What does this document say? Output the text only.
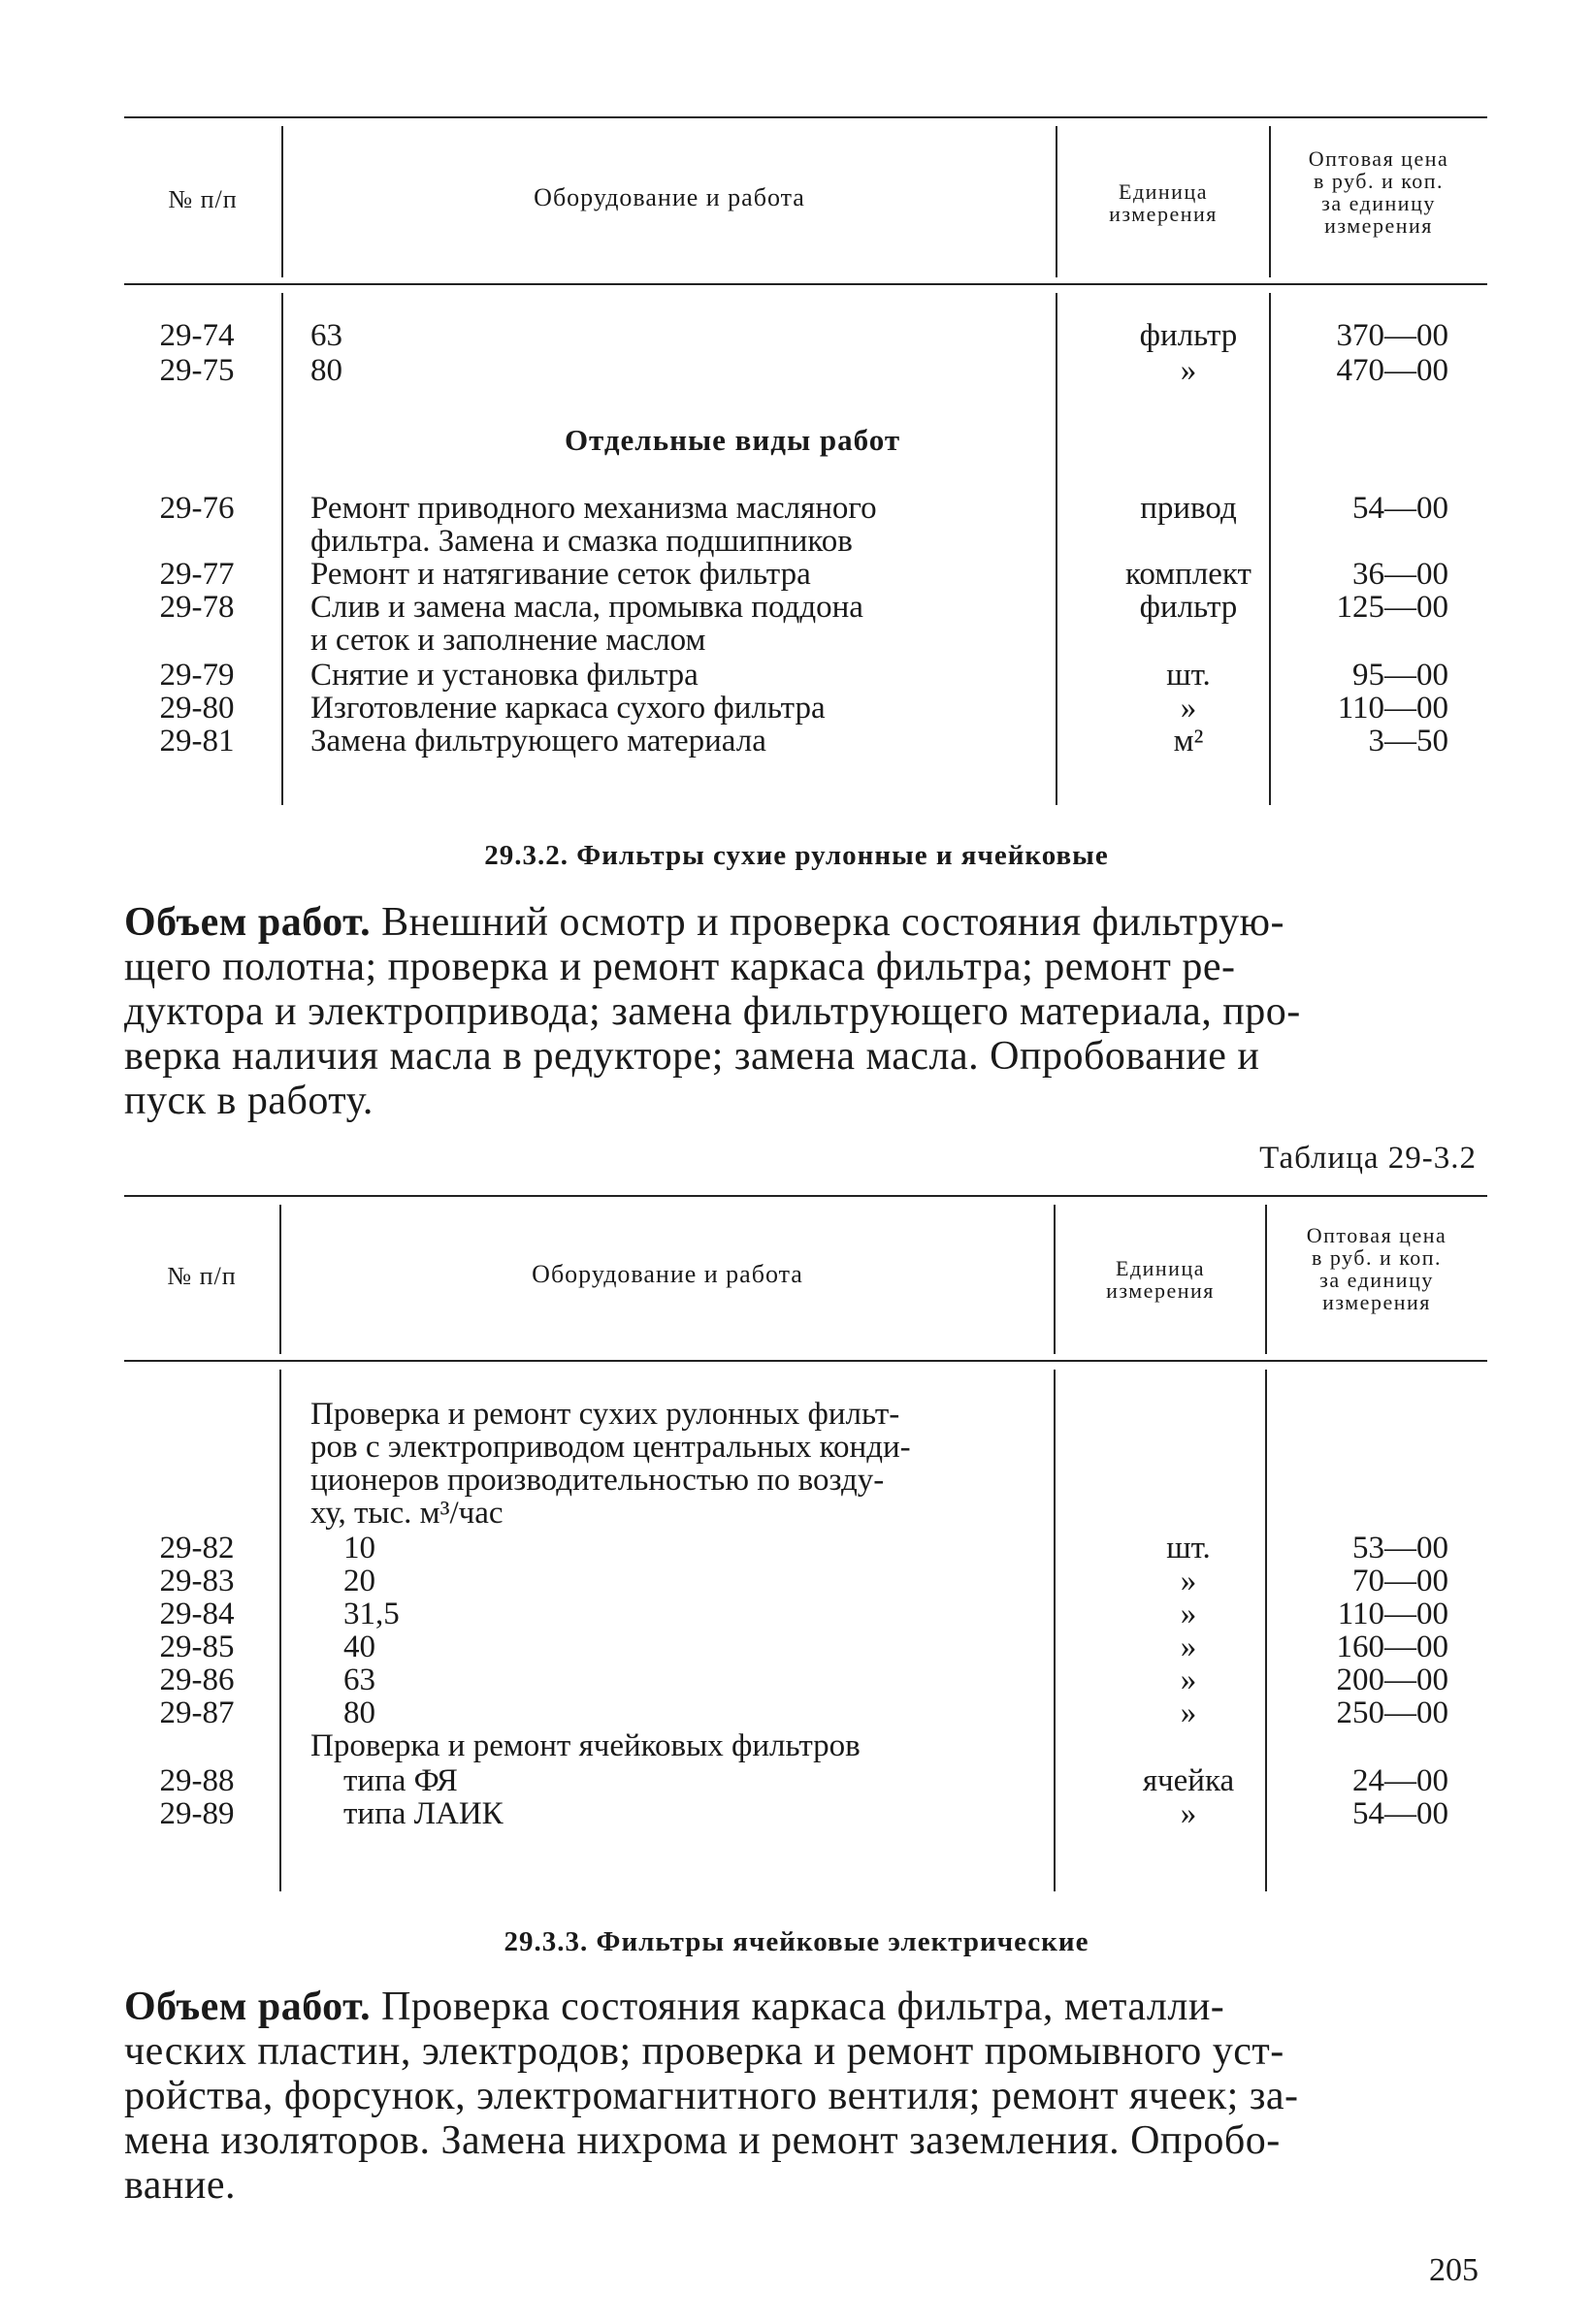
№ п/п	Оборудование и работа	Единица
измерения
Оптовая цена
в руб. и коп.
за единицу
измерения
29-74	63	фильтр	370—00
29-75	80	»	470—00
Отдельные виды работ
29-76	Ремонт приводного механизма масляного	привод	54—00
фильтра. Замена и смазка подшипников
29-77	Ремонт и натягивание сеток фильтра	комплект	36—00
29-78	Слив и замена масла, промывка поддона	фильтр	125—00
и сеток и заполнение маслом
29-79	Снятие и установка фильтра	шт.	95—00
29-80	Изготовление каркаса сухого фильтра	»	110—00
29-81	Замена фильтрующего материала	м²	3—50
29.3.2. Фильтры сухие рулонные и ячейковые
Объем работ. Внешний осмотр и проверка состояния фильтрую-
щего полотна; проверка и ремонт каркаса фильтра; ремонт ре-
дуктора и электропривода; замена фильтрующего материала, про-
верка наличия масла в редукторе; замена масла. Опробование и
пуск в работу.
Таблица 29-3.2
№ п/п	Оборудование и работа	Единица
измерения
Оптовая цена
в руб. и коп.
за единицу
измерения
Проверка и ремонт сухих рулонных фильт-
ров с электроприводом центральных конди-
ционеров производительностью по возду-
ху, тыс. м³/час
29-82	10	шт.	53—00
29-83	20	»	70—00
29-84	31,5	»	110—00
29-85	40	»	160—00
29-86	63	»	200—00
29-87	80	»	250—00
Проверка и ремонт ячейковых фильтров
29-88	типа ФЯ	ячейка	24—00
29-89	типа ЛАИК	»	54—00
29.3.3. Фильтры ячейковые электрические
Объем работ. Проверка состояния каркаса фильтра, металли-
ческих пластин, электродов; проверка и ремонт промывного уст-
ройства, форсунок, электромагнитного вентиля; ремонт ячеек; за-
мена изоляторов. Замена нихрома и ремонт заземления. Опробо-
вание.
205
